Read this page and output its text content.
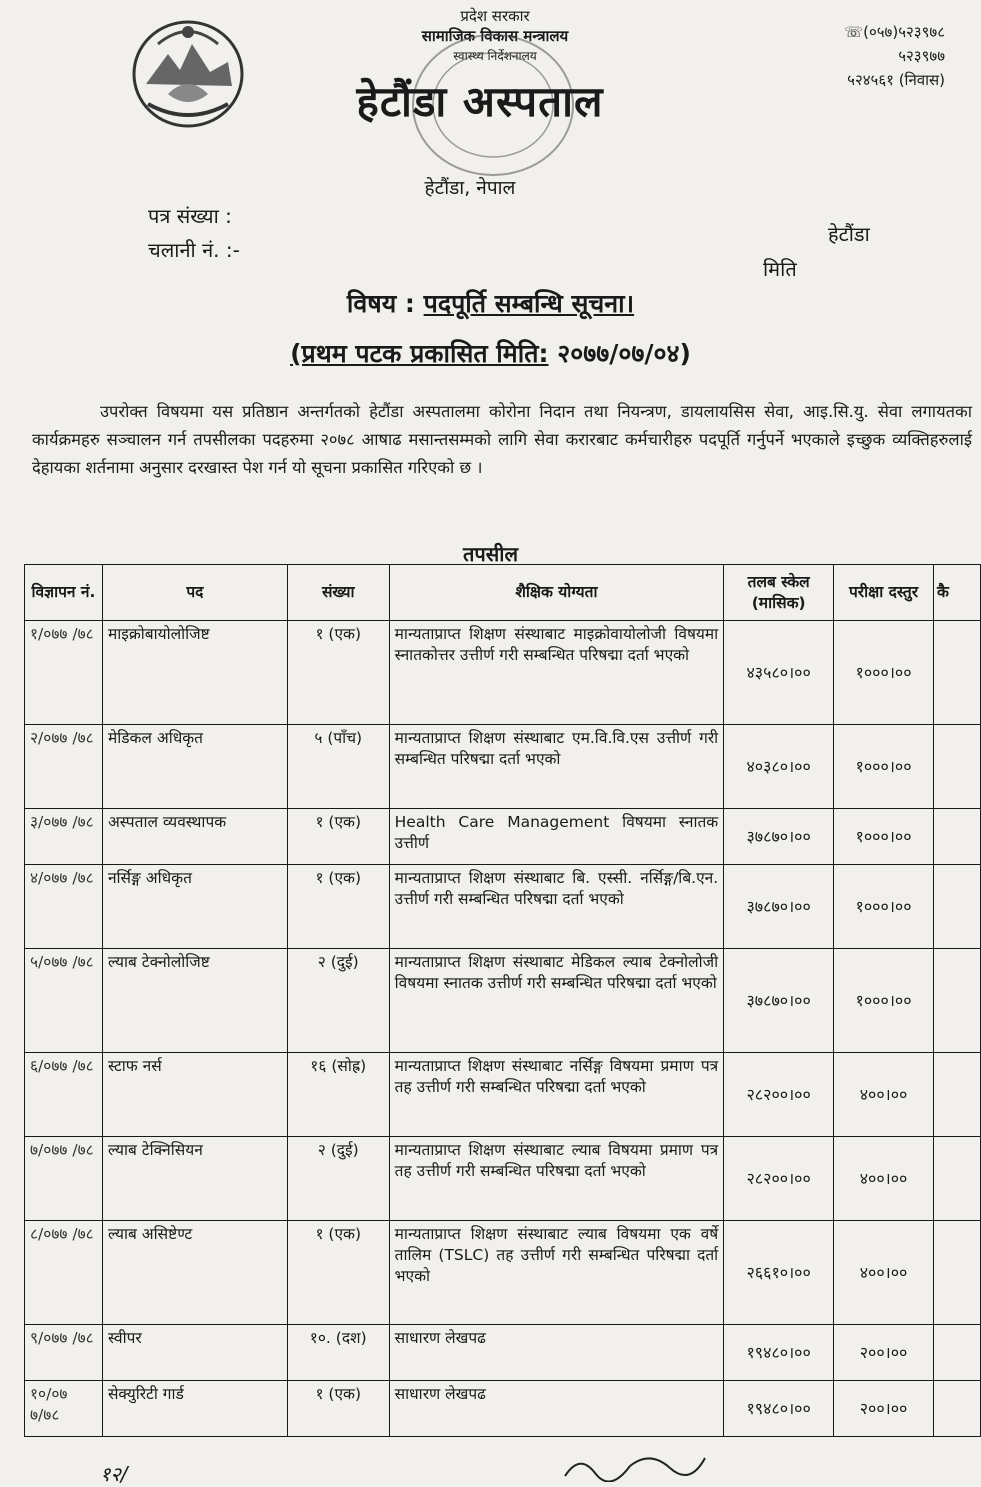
प्रदेश सरकार
सामाजिक विकास मन्त्रालय
स्वास्थ्य निर्देशनालय
हेटौंडा अस्पताल
हेटौंडा, नेपाल
☏(०५७)५२३९७८
५२३९७७
५२४५६१ (निवास)
पत्र संख्या :
चलानी नं. :-
हेटौंडा
मिति
विषय : पदपूर्ति सम्बन्धि सूचना।
(प्रथम पटक प्रकासित मिति: २०७७/०७/०४)
उपरोक्त विषयमा यस प्रतिष्ठान अन्तर्गतको हेटौंडा अस्पतालमा कोरोना निदान तथा नियन्त्रण, डायलायसिस सेवा, आइ.सि.यु. सेवा लगायतका कार्यक्रमहरु सञ्चालन गर्न तपसीलका पदहरुमा २०७८ आषाढ मसान्तसम्मको लागि सेवा करारबाट कर्मचारीहरु पदपूर्ति गर्नुपर्ने भएकाले इच्छुक व्यक्तिहरुलाई देहायका शर्तनामा अनुसार दरखास्त पेश गर्न यो सूचना प्रकासित गरिएको छ ।
तपसील
विज्ञापन नं.	पद	संख्या	शैक्षिक योग्यता	तलब स्केल (मासिक)	परीक्षा दस्तुर	कै
१/०७७ /७८	माइक्रोबायोलोजिष्ट	१ (एक)	मान्यताप्राप्त शिक्षण संस्थाबाट माइक्रोवायोलोजी विषयमा स्नातकोत्तर उत्तीर्ण गरी सम्बन्धित परिषद्मा दर्ता भएको	४३५८०।००	१०००।००	
२/०७७ /७८	मेडिकल अधिकृत	५ (पाँच)	मान्यताप्राप्त शिक्षण संस्थाबाट एम.वि.वि.एस उत्तीर्ण गरी सम्बन्धित परिषद्मा दर्ता भएको	४०३८०।००	१०००।००	
३/०७७ /७८	अस्पताल व्यवस्थापक	१ (एक)	Health Care Management विषयमा स्नातक उत्तीर्ण	३७८७०।००	१०००।००	
४/०७७ /७८	नर्सिङ्ग अधिकृत	१ (एक)	मान्यताप्राप्त शिक्षण संस्थाबाट बि. एस्सी. नर्सिङ्ग/बि.एन. उत्तीर्ण गरी सम्बन्धित परिषद्मा दर्ता भएको	३७८७०।००	१०००।००	
५/०७७ /७८	ल्याब टेक्नोलोजिष्ट	२ (दुई)	मान्यताप्राप्त शिक्षण संस्थाबाट मेडिकल ल्याब टेक्नोलोजी विषयमा स्नातक उत्तीर्ण गरी सम्बन्धित परिषद्मा दर्ता भएको	३७८७०।००	१०००।००	
६/०७७ /७८	स्टाफ नर्स	१६ (सोह्र)	मान्यताप्राप्त शिक्षण संस्थाबाट नर्सिङ्ग विषयमा प्रमाण पत्र तह उत्तीर्ण गरी सम्बन्धित परिषद्मा दर्ता भएको	२८२००।००	४००।००	
७/०७७ /७८	ल्याब टेक्निसियन	२ (दुई)	मान्यताप्राप्त शिक्षण संस्थाबाट ल्याब विषयमा प्रमाण पत्र तह उत्तीर्ण गरी सम्बन्धित परिषद्मा दर्ता भएको	२८२००।००	४००।००	
८/०७७ /७८	ल्याब असिष्टेण्ट	१ (एक)	मान्यताप्राप्त शिक्षण संस्थाबाट ल्याब विषयमा एक वर्षे तालिम (TSLC) तह उत्तीर्ण गरी सम्बन्धित परिषद्मा दर्ता भएको	२६६१०।००	४००।००	
९/०७७ /७८	स्वीपर	१०. (दश)	साधारण लेखपढ	१९४८०।००	२००।००	
१०/०७ ७/७८	सेक्युरिटी गार्ड	१ (एक)	साधारण लेखपढ	१९४८०।००	२००।००	
१२/
